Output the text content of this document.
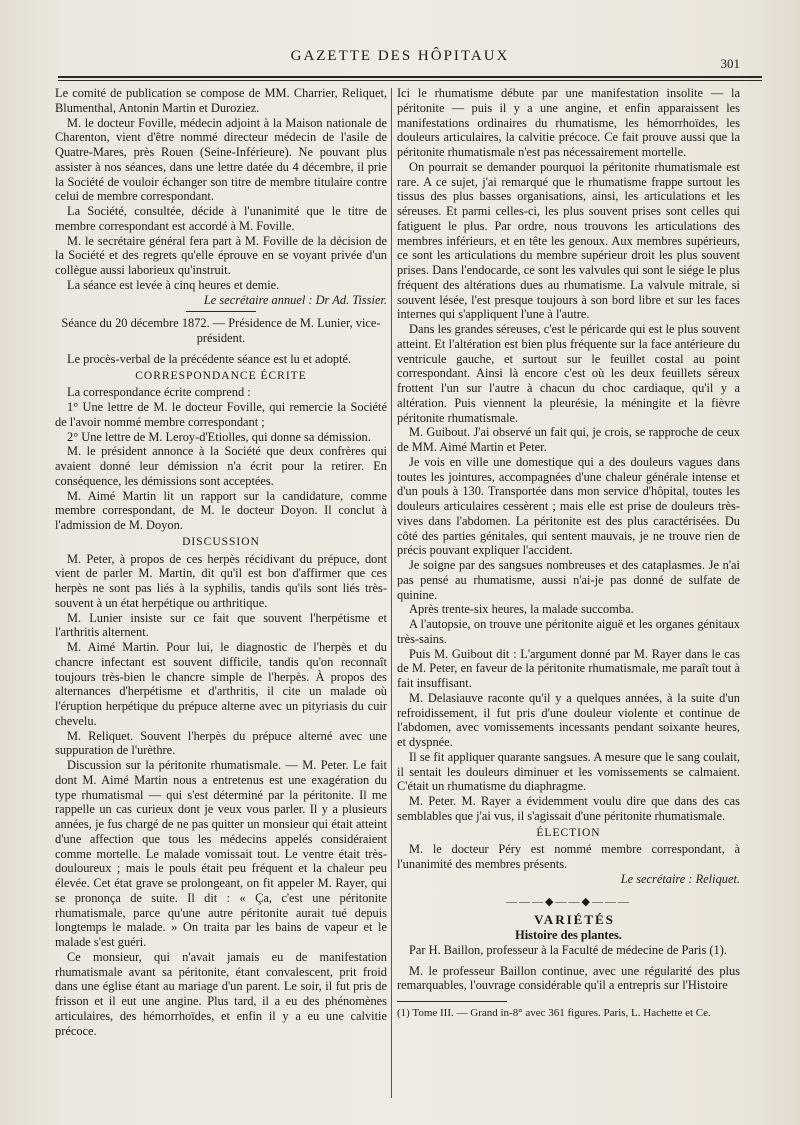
GAZETTE DES HÔPITAUX	301

Le comité de publication se compose de MM. Charrier, Reliquet, Blumenthal, Antonin Martin et Duroziez.

M. le docteur Foville, médecin adjoint à la Maison nationale de Charenton, vient d'être nommé directeur médecin de l'asile de Quatre-Mares, près Rouen (Seine-Inférieure). Ne pouvant plus assister à nos séances, dans une lettre datée du 4 décembre, il prie la Société de vouloir échanger son titre de membre titulaire contre celui de membre correspondant.

La Société, consultée, décide à l'unanimité que le titre de membre correspondant est accordé à M. Foville.

M. le secrétaire général fera part à M. Foville de la décision de la Société et des regrets qu'elle éprouve en se voyant privée d'un collègue aussi laborieux qu'instruit.

La séance est levée à cinq heures et demie.

Le secrétaire annuel : Dr Ad. Tissier.

Séance du 20 décembre 1872. — Présidence de M. Lunier, vice-président.

Le procès-verbal de la précédente séance est lu et adopté.

CORRESPONDANCE ÉCRITE

La correspondance écrite comprend :

1° Une lettre de M. le docteur Foville, qui remercie la Société de l'avoir nommé membre correspondant ;

2° Une lettre de M. Leroy-d'Etiolles, qui donne sa démission.

M. le président annonce à la Société que deux confrères qui avaient donné leur démission n'a écrit pour la retirer. En conséquence, les démissions sont acceptées.

M. Aimé Martin lit un rapport sur la candidature, comme membre correspondant, de M. le docteur Doyon. Il conclut à l'admission de M. Doyon.

DISCUSSION

M. Peter, à propos de ces herpès récidivant du prépuce, dont vient de parler M. Martin, dit qu'il est bon d'affirmer que ces herpès ne sont pas liés à la syphilis, tandis qu'ils sont liés très-souvent à un état herpétique ou arthritique.

M. Lunier insiste sur ce fait que souvent l'herpétisme et l'arthritis alternent.

M. Aimé Martin. Pour lui, le diagnostic de l'herpès et du chancre infectant est souvent difficile, tandis qu'on reconnaît toujours très-bien le chancre simple de l'herpès. À propos des alternances d'herpétisme et d'arthritis, il cite un malade où l'éruption herpétique du prépuce alterne avec un pityriasis du cuir chevelu.

M. Reliquet. Souvent l'herpès du prépuce alterné avec une suppuration de l'urèthre.

Discussion sur la péritonite rhumatismale. — M. Peter. Le fait dont M. Aimé Martin nous a entretenus est une exagération du type rhumatismal — qui s'est déterminé par la péritonite. Il me rappelle un cas curieux dont je veux vous parler. Il y a plusieurs années, je fus chargé de ne pas quitter un monsieur qui était atteint d'une affection que tous les médecins appelés considéraient comme mortelle. Le malade vomissait tout. Le ventre était très-douloureux ; mais le pouls était peu fréquent et la chaleur peu élevée. Cet état grave se prolongeant, on fit appeler M. Rayer, qui se prononça de suite. Il dit : « Ça, c'est une péritonite rhumatismale, parce qu'une autre péritonite aurait tué depuis longtemps le malade. » On traita par les bains de vapeur et le malade s'est guéri.

Ce monsieur, qui n'avait jamais eu de manifestation rhumatismale avant sa péritonite, étant convalescent, prit froid dans une église étant au mariage d'un parent. Le soir, il fut pris de frisson et il eut une angine. Plus tard, il a eu des phénomènes articulaires, des hémorrhoïdes, et enfin il y a eu une calvitie précoce.

Ici le rhumatisme débute par une manifestation insolite — la péritonite — puis il y a une angine, et enfin apparaissent les manifestations ordinaires du rhumatisme, les hémorrhoïdes, les douleurs articulaires, la calvitie précoce. Ce fait prouve aussi que la péritonite rhumatismale n'est pas nécessairement mortelle.

On pourrait se demander pourquoi la péritonite rhumatismale est rare. A ce sujet, j'ai remarqué que le rhumatisme frappe surtout les tissus des plus basses organisations, ainsi, les articulations et les séreuses. Et parmi celles-ci, les plus souvent prises sont celles qui fatiguent le plus. Par ordre, nous trouvons les articulations des membres inférieurs, et en tête les genoux. Aux membres supérieurs, ce sont les articulations du membre supérieur droit les plus souvent prises. Dans l'endocarde, ce sont les valvules qui sont le siége le plus fréquent des altérations dues au rhumatisme. La valvule mitrale, si souvent lésée, l'est presque toujours à son bord libre et sur les faces internes qui s'appliquent l'une à l'autre.

Dans les grandes séreuses, c'est le péricarde qui est le plus souvent atteint. Et l'altération est bien plus fréquente sur la face antérieure du ventricule gauche, et surtout sur le feuillet costal au point correspondant. Ainsi là encore c'est où les deux feuillets séreux frottent l'un sur l'autre à chacun du choc cardiaque, qu'il y a altération. Puis viennent la pleurésie, la méningite et la fièvre péritonite rhumatismale.

M. Guibout. J'ai observé un fait qui, je crois, se rapproche de ceux de MM. Aimé Martin et Peter.

Je vois en ville une domestique qui a des douleurs vagues dans toutes les jointures, accompagnées d'une chaleur générale intense et d'un pouls à 130. Transportée dans mon service d'hôpital, toutes les douleurs articulaires cessèrent ; mais elle est prise de douleurs très-vives dans l'abdomen. La péritonite est des plus caractérisées. Du côté des parties génitales, qui sentent mauvais, je ne trouve rien de précis pouvant expliquer l'accident.

Je soigne par des sangsues nombreuses et des cataplasmes. Je n'ai pas pensé au rhumatisme, aussi n'ai-je pas donné de sulfate de quinine.

Après trente-six heures, la malade succomba.

A l'autopsie, on trouve une péritonite aiguë et les organes génitaux très-sains.

Puis M. Guibout dit : L'argument donné par M. Rayer dans le cas de M. Peter, en faveur de la péritonite rhumatismale, me paraît tout à fait insuffisant.

M. Delasiauve raconte qu'il y a quelques années, à la suite d'un refroidissement, il fut pris d'une douleur violente et continue de l'abdomen, avec vomissements incessants pendant soixante heures, et dyspnée.

Il se fit appliquer quarante sangsues. A mesure que le sang coulait, il sentait les douleurs diminuer et les vomissements se calmaient. C'était un rhumatisme du diaphragme.

M. Peter. M. Rayer a évidemment voulu dire que dans des cas semblables que j'ai vus, il s'agissait d'une péritonite rhumatismale.

ÉLECTION

M. le docteur Péry est nommé membre correspondant, à l'unanimité des membres présents.

Le secrétaire : Reliquet.

———◆——◆———

VARIÉTÉS

Histoire des plantes.

Par H. Baillon, professeur à la Faculté de médecine de Paris (1).

M. le professeur Baillon continue, avec une régularité des plus remarquables, l'ouvrage considérable qu'il a entrepris sur l'Histoire

(1) Tome III. — Grand in-8° avec 361 figures. Paris, L. Hachette et Ce.
